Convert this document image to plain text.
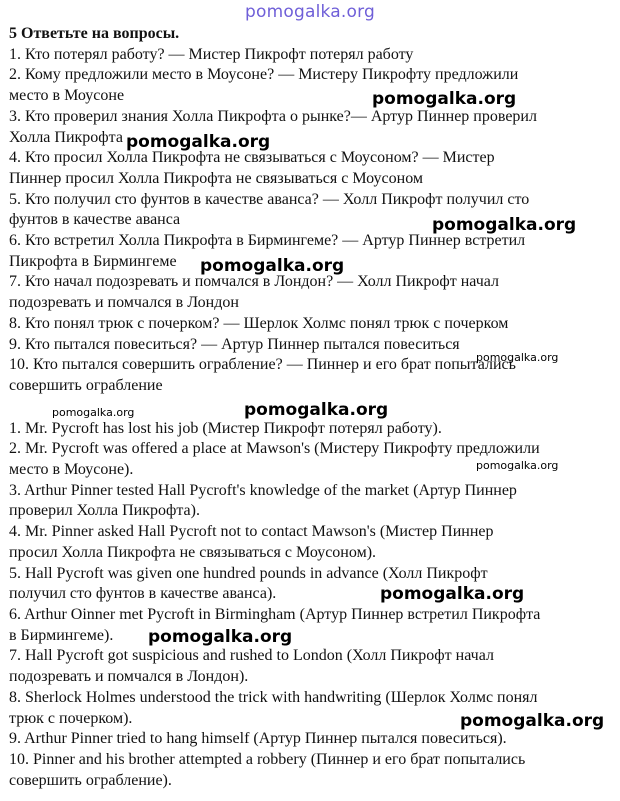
pomogalka.org
5 Ответьте на вопросы.
1. Кто потерял работу? — Мистер Пикрофт потерял работу
2. Кому предложили место в Моусоне? — Мистеру Пикрофту предложили
место в Моусоне
3. Кто проверил знания Холла Пикрофта о рынке?— Артур Пиннер проверил
Холла Пикрофта
4. Кто просил Холла Пикрофта не связываться с Моусоном? — Мистер
Пиннер просил Холла Пикрофта не связываться с Моусоном
5. Кто получил сто фунтов в качестве аванса? — Холл Пикрофт получил сто
фунтов в качестве аванса
6. Кто встретил Холла Пикрофта в Бирмингеме? — Артур Пиннер встретил
Пикрофта в Бирмингеме
7. Кто начал подозревать и помчался в Лондон? — Холл Пикрофт начал
подозревать и помчался в Лондон
8. Кто понял трюк с почерком? — Шерлок Холмс понял трюк с почерком
9. Кто пытался повеситься? — Артур Пиннер пытался повеситься
10. Кто пытался совершить ограбление? — Пиннер и его брат попытались
совершить ограбление
1. Mr. Pycroft has lost his job (Мистер Пикрофт потерял работу).
2. Mr. Pycroft was offered a place at Mawson's (Мистеру Пикрофту предложили
место в Моусоне).
3. Arthur Pinner tested Hall Pycroft's knowledge of the market (Артур Пиннер
проверил Холла Пикрофта).
4. Mr. Pinner asked Hall Pycroft not to contact Mawson's (Мистер Пиннер
просил Холла Пикрофта не связываться с Моусоном).
5. Hall Pycroft was given one hundred pounds in advance (Холл Пикрофт
получил сто фунтов в качестве аванса).
6. Arthur Oinner met Pycroft in Birmingham (Артур Пиннер встретил Пикрофта
в Бирмингеме).
7. Hall Pycroft got suspicious and rushed to London (Холл Пикрофт начал
подозревать и помчался в Лондон).
8. Sherlock Holmes understood the trick with handwriting (Шерлок Холмс понял
трюк с почерком).
9. Arthur Pinner tried to hang himself (Артур Пиннер пытался повеситься).
10. Pinner and his brother attempted a robbery (Пиннер и его брат попытались
совершить ограбление).
pomogalka.org
pomogalka.org
pomogalka.org
pomogalka.org
pomogalka.org
pomogalka.org	pomogalka.org
pomogalka.org
pomogalka.org
pomogalka.org
pomogalka.org
